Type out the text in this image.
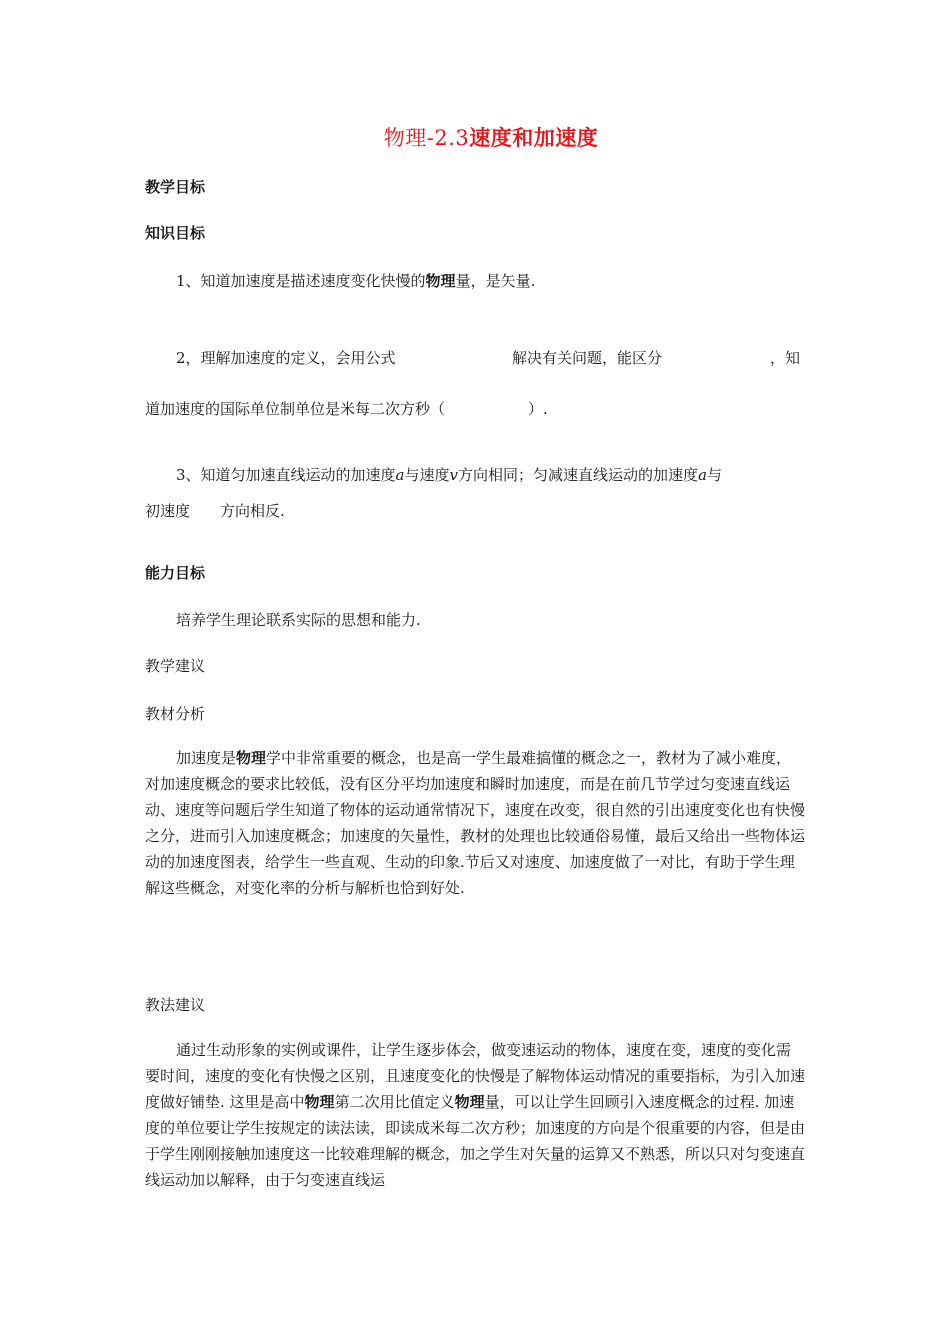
物理-2.3速度和加速度
教学目标
知识目标
1、知道加速度是描述速度变化快慢的物理量，是矢量.
2，理解加速度的定义，会用公式	解决有关问题，能区分	，知
道加速度的国际单位制单位是米每二次方秒（	）.
3、知道匀加速直线运动的加速度a与速度v方向相同；匀减速直线运动的加速度a与
初速度 方向相反.
能力目标
培养学生理论联系实际的思想和能力.
教学建议
教材分析
加速度是物理学中非常重要的概念，也是高一学生最难搞懂的概念之一，教材为了减小难度，对加速度概念的要求比较低，没有区分平均加速度和瞬时加速度，而是在前几节学过匀变速直线运动、速度等问题后学生知道了物体的运动通常情况下，速度在改变，很自然的引出速度变化也有快慢之分，进而引入加速度概念；加速度的矢量性，教材的处理也比较通俗易懂，最后又给出一些物体运动的加速度图表，给学生一些直观、生动的印象.节后又对速度、加速度做了一对比，有助于学生理解这些概念，对变化率的分析与解析也恰到好处.
教法建议
通过生动形象的实例或课件，让学生逐步体会，做变速运动的物体，速度在变，速度的变化需要时间，速度的变化有快慢之区别，且速度变化的快慢是了解物体运动情况的重要指标，为引入加速度做好铺垫. 这里是高中物理第二次用比值定义物理量，可以让学生回顾引入速度概念的过程. 加速度的单位要让学生按规定的读法读，即读成米每二次方秒；加速度的方向是个很重要的内容，但是由于学生刚刚接触加速度这一比较难理解的概念，加之学生对矢量的运算又不熟悉，所以只对匀变速直线运动加以解释，由于匀变速直线运
